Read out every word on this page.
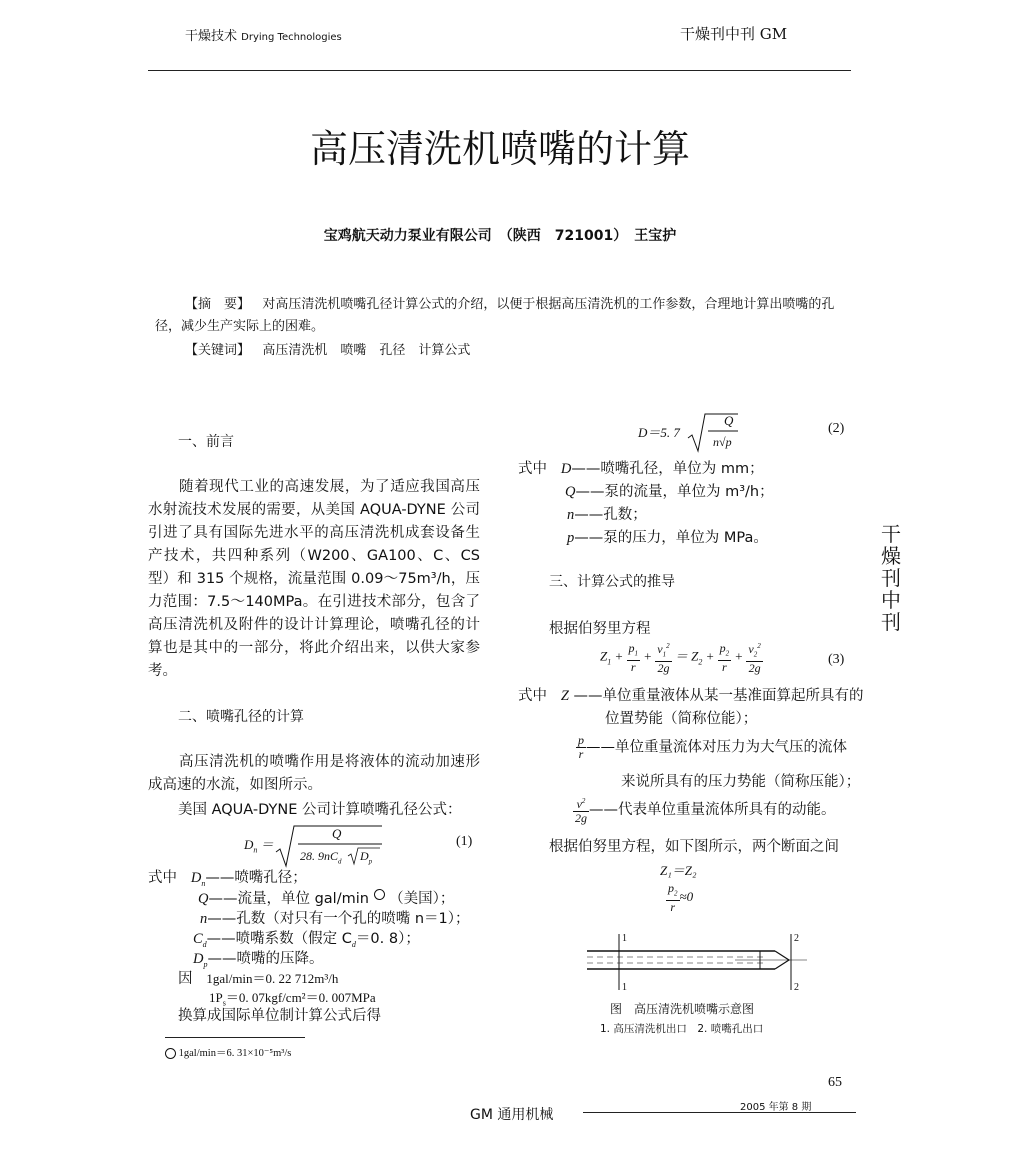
干燥技术 Drying Technologies	干燥刊中刊 GM
高压清洗机喷嘴的计算
宝鸡航天动力泵业有限公司　（陕西　721001）　王宝护
【摘　要】 对高压清洗机喷嘴孔径计算公式的介绍，以便于根据高压清洗机的工作参数，合理地计算出喷嘴的孔径，减少生产实际上的困难。
【关键词】 高压清洗机　喷嘴　孔径　计算公式
一、前言

随着现代工业的高速发展，为了适应我国高压水射流技术发展的需要，从美国 AQUA-DYNE 公司引进了具有国际先进水平的高压清洗机成套设备生产技术，共四种系列（W200、GA100、C、CS 型）和 315 个规格，流量范围 0.09～75m³/h，压力范围：7.5～140MPa。在引进技术部分，包含了高压清洗机及附件的设计计算理论，喷嘴孔径的计算也是其中的一部分，将此介绍出来，以供大家参考。

二、喷嘴孔径的计算

高压清洗机的喷嘴作用是将液体的流动加速形成高速的水流，如图所示。

美国 AQUA-DYNE 公司计算喷嘴孔径公式：
$D_n$ ＝
Q
28. $9nC_d$ $D_p$
(1)
式中 $D_n——$喷嘴孔径；
Q——流量，单位 gal/min （美国）；
n——孔数（对只有一个孔的喷嘴 n＝1）；
$C_d——$喷嘴系数（假定 $C_d=0$. 8）；
$D_p——$喷嘴的压降。
因 1gal/min＝0. 22 712m³/h
$1P_s=0$. 07kgf/cm²＝0. 007MPa
换算成国际单位制计算公式后得
1gal/min＝6. 31×10⁻⁵m³/s
D＝5. 7
Q
n√p
(2)
式中 D——喷嘴孔径，单位为 mm；
Q——泵的流量，单位为 m³/h；
n——孔数；
p——泵的压力，单位为 MPa。
三、计算公式的推导
根据伯努里方程
$Z_1 + \frac{p_1}{r} + \frac{v_1^2}{2g} = Z_2 + \frac{p_2}{r} + \frac{v_2^2}{2g}$	(3)
式中 Z ——单位重量液体从某一基准面算起所具有的
位置势能（简称位能）；
$\frac{p}{r}$ ——单位重量流体对压力为大气压的流体
来说所具有的压力势能（简称压能）；
$\frac{v^2}{2g}$ ——代表单位重量流体所具有的动能。
根据伯努里方程，如下图所示，两个断面之间
Z₁＝Z₂
$\frac{p_2}{r} \approx 0$
1
1
2
2
图　高压清洗机喷嘴示意图
1. 高压清洗机出口　2. 喷嘴孔出口
干燥刊中刊
65
GM 通用机械	2005 年第 8 期
